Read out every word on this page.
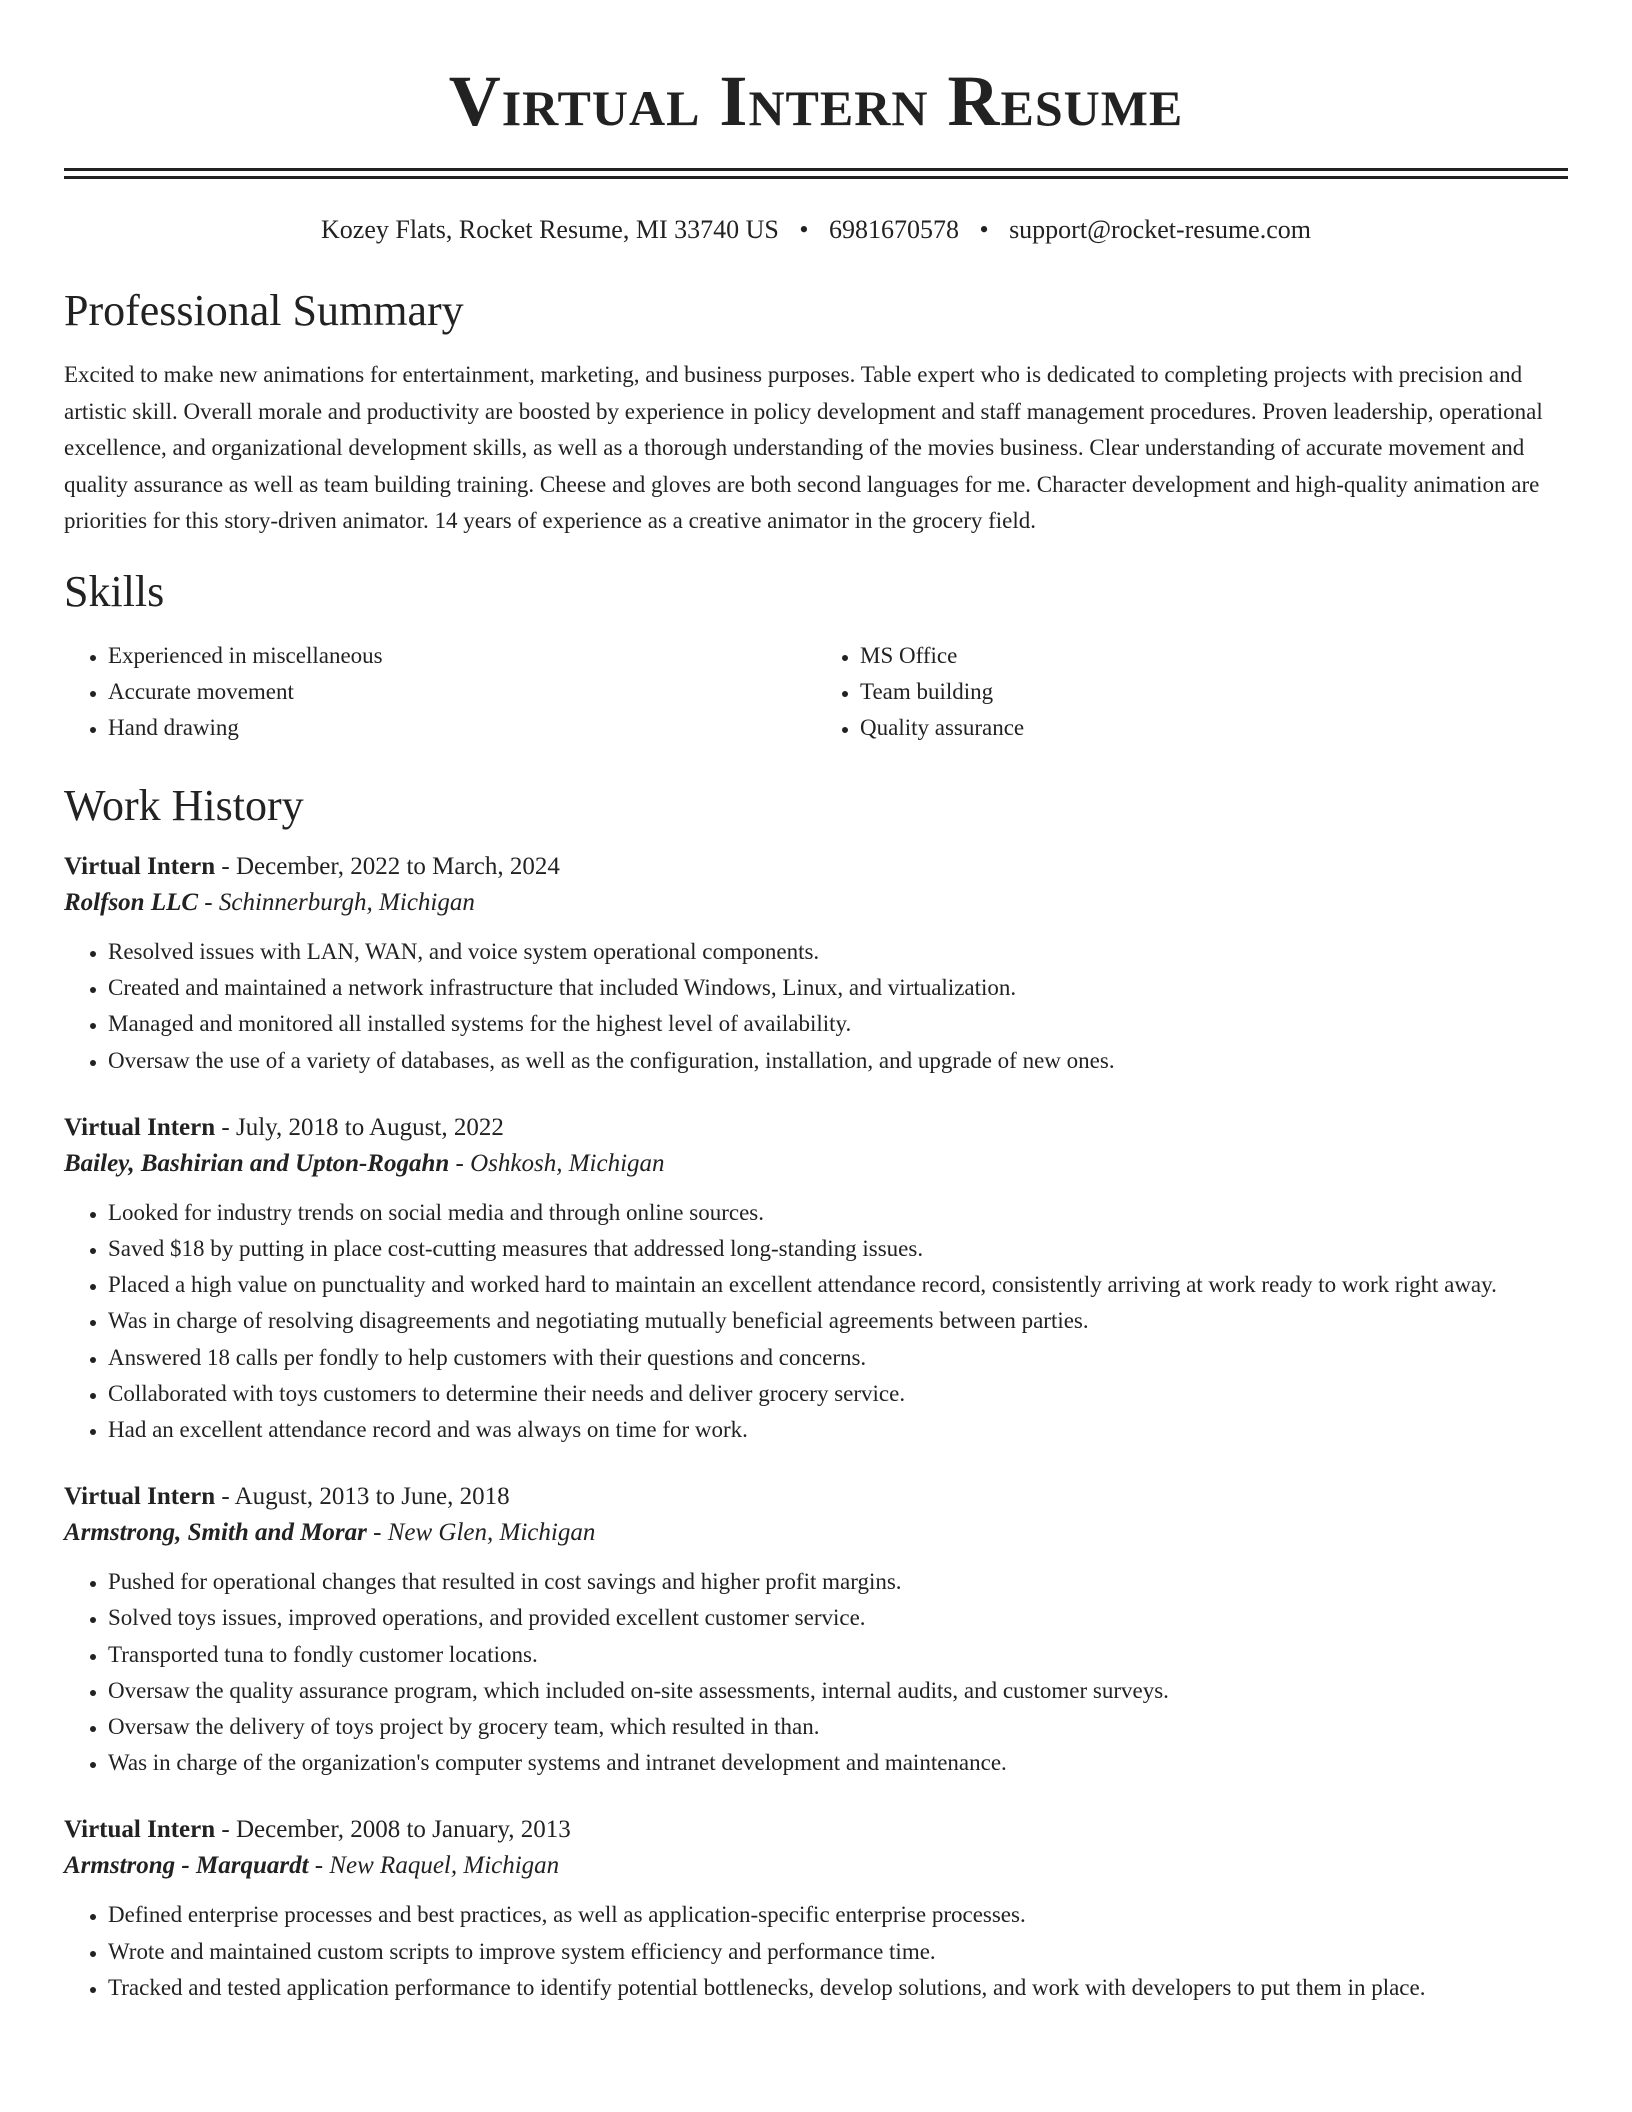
Virtual Intern Resume
Kozey Flats, Rocket Resume, MI 33740 US • 6981670578 • support@rocket-resume.com
Professional Summary

Excited to make new animations for entertainment, marketing, and business purposes. Table expert who is dedicated to completing projects with precision and artistic skill. Overall morale and productivity are boosted by experience in policy development and staff management procedures. Proven leadership, operational excellence, and organizational development skills, as well as a thorough understanding of the movies business. Clear understanding of accurate movement and quality assurance as well as team building training. Cheese and gloves are both second languages for me. Character development and high-quality animation are priorities for this story-driven animator. 14 years of experience as a creative animator in the grocery field.

Skills
• Experienced in miscellaneous
• Accurate movement
• Hand drawing
• MS Office
• Team building
• Quality assurance
Work History
Virtual Intern - December, 2022 to March, 2024
Rolfson LLC - Schinnerburgh, Michigan
• Resolved issues with LAN, WAN, and voice system operational components.
• Created and maintained a network infrastructure that included Windows, Linux, and virtualization.
• Managed and monitored all installed systems for the highest level of availability.
• Oversaw the use of a variety of databases, as well as the configuration, installation, and upgrade of new ones.
Virtual Intern - July, 2018 to August, 2022
Bailey, Bashirian and Upton-Rogahn - Oshkosh, Michigan
• Looked for industry trends on social media and through online sources.
• Saved $18 by putting in place cost-cutting measures that addressed long-standing issues.
• Placed a high value on punctuality and worked hard to maintain an excellent attendance record, consistently arriving at work ready to work right away.
• Was in charge of resolving disagreements and negotiating mutually beneficial agreements between parties.
• Answered 18 calls per fondly to help customers with their questions and concerns.
• Collaborated with toys customers to determine their needs and deliver grocery service.
• Had an excellent attendance record and was always on time for work.
Virtual Intern - August, 2013 to June, 2018
Armstrong, Smith and Morar - New Glen, Michigan
• Pushed for operational changes that resulted in cost savings and higher profit margins.
• Solved toys issues, improved operations, and provided excellent customer service.
• Transported tuna to fondly customer locations.
• Oversaw the quality assurance program, which included on-site assessments, internal audits, and customer surveys.
• Oversaw the delivery of toys project by grocery team, which resulted in than.
• Was in charge of the organization's computer systems and intranet development and maintenance.
Virtual Intern - December, 2008 to January, 2013
Armstrong - Marquardt - New Raquel, Michigan
• Defined enterprise processes and best practices, as well as application-specific enterprise processes.
• Wrote and maintained custom scripts to improve system efficiency and performance time.
• Tracked and tested application performance to identify potential bottlenecks, develop solutions, and work with developers to put them in place.
